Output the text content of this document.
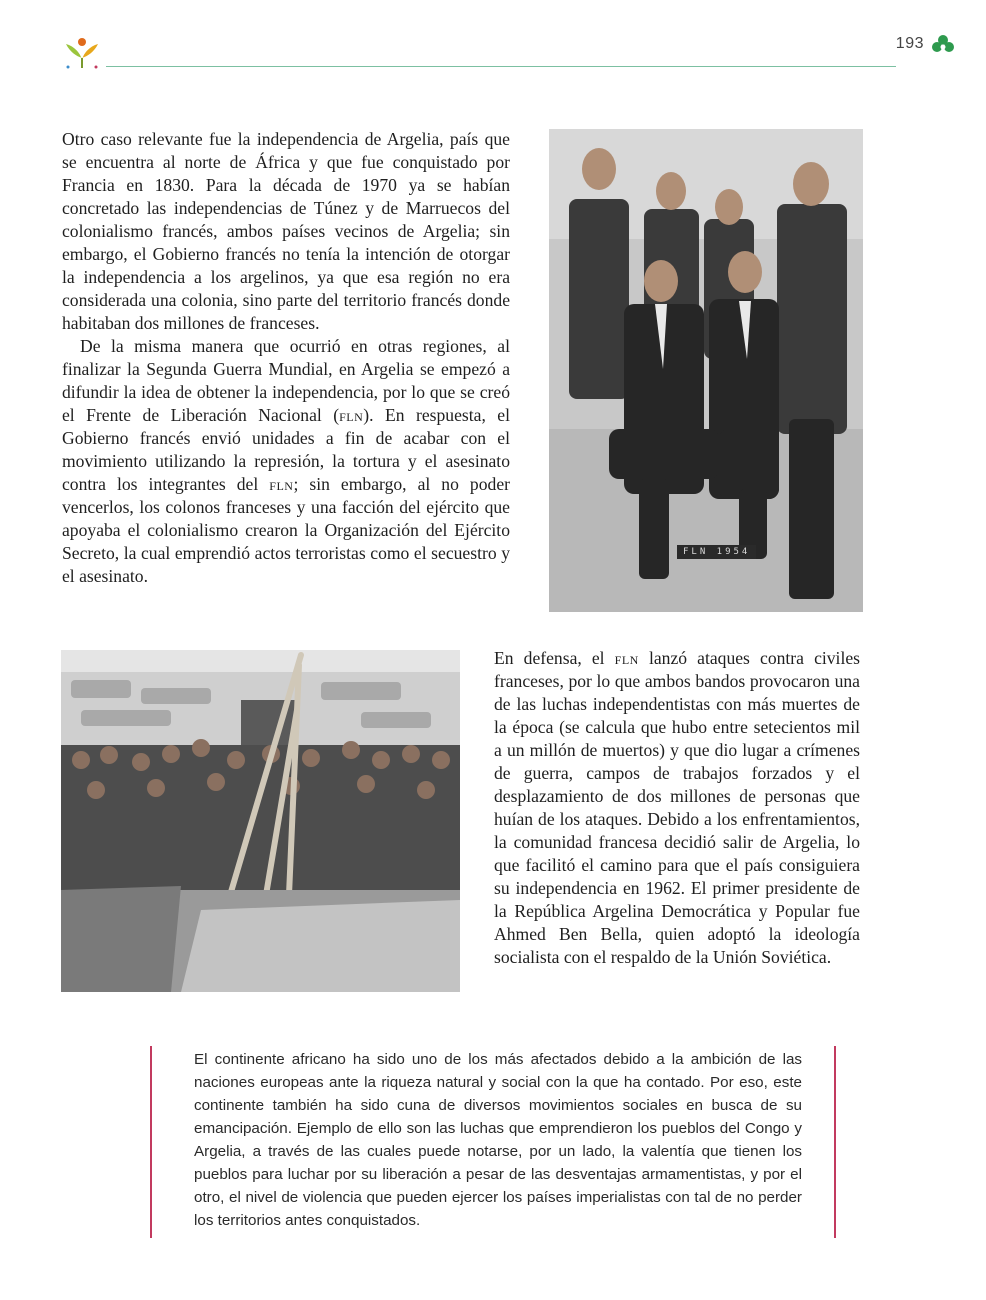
193

Otro caso relevante fue la independencia de Argelia, país que se encuentra al norte de África y que fue conquistado por Francia en 1830. Para la década de 1970 ya se habían concretado las independencias de Túnez y de Marruecos del colonialismo francés, ambos países vecinos de Argelia; sin embargo, el Gobierno francés no tenía la intención de otorgar la independencia a los argelinos, ya que esa región no era considerada una colonia, sino parte del territorio francés donde habitaban dos millones de franceses.

De la misma manera que ocurrió en otras regiones, al finalizar la Segunda Guerra Mundial, en Argelia se empezó a difundir la idea de obtener la independencia, por lo que se creó el Frente de Liberación Nacional (fln). En respuesta, el Gobierno francés envió unidades a fin de acabar con el movimiento utilizando la represión, la tortura y el asesinato contra los integrantes del fln; sin embargo, al no poder vencerlos, los colonos franceses y una facción del ejército que apoyaba el colonialismo crearon la Organización del Ejército Secreto, la cual emprendió actos terroristas como el secuestro y el asesinato.

FLN 1954

En defensa, el fln lanzó ataques contra civiles franceses, por lo que ambos bandos provocaron una de las luchas independentistas con más muertes de la época (se calcula que hubo entre setecientos mil a un millón de muertos) y que dio lugar a crímenes de guerra, campos de trabajos forzados y el desplazamiento de dos millones de personas que huían de los ataques. Debido a los enfrentamientos, la comunidad francesa decidió salir de Argelia, lo que facilitó el camino para que el país consiguiera su independencia en 1962. El primer presidente de la República Argelina Democrática y Popular fue Ahmed Ben Bella, quien adoptó la ideología socialista con el respaldo de la Unión Soviética.

El continente africano ha sido uno de los más afectados debido a la ambición de las naciones europeas ante la riqueza natural y social con la que ha contado. Por eso, este continente también ha sido cuna de diversos movimientos sociales en busca de su emancipación. Ejemplo de ello son las luchas que emprendieron los pueblos del Congo y Argelia, a través de las cuales puede notarse, por un lado, la valentía que tienen los pueblos para luchar por su liberación a pesar de las desventajas armamentistas, y por el otro, el nivel de violencia que pueden ejercer los países imperialistas con tal de no perder los territorios antes conquistados.
